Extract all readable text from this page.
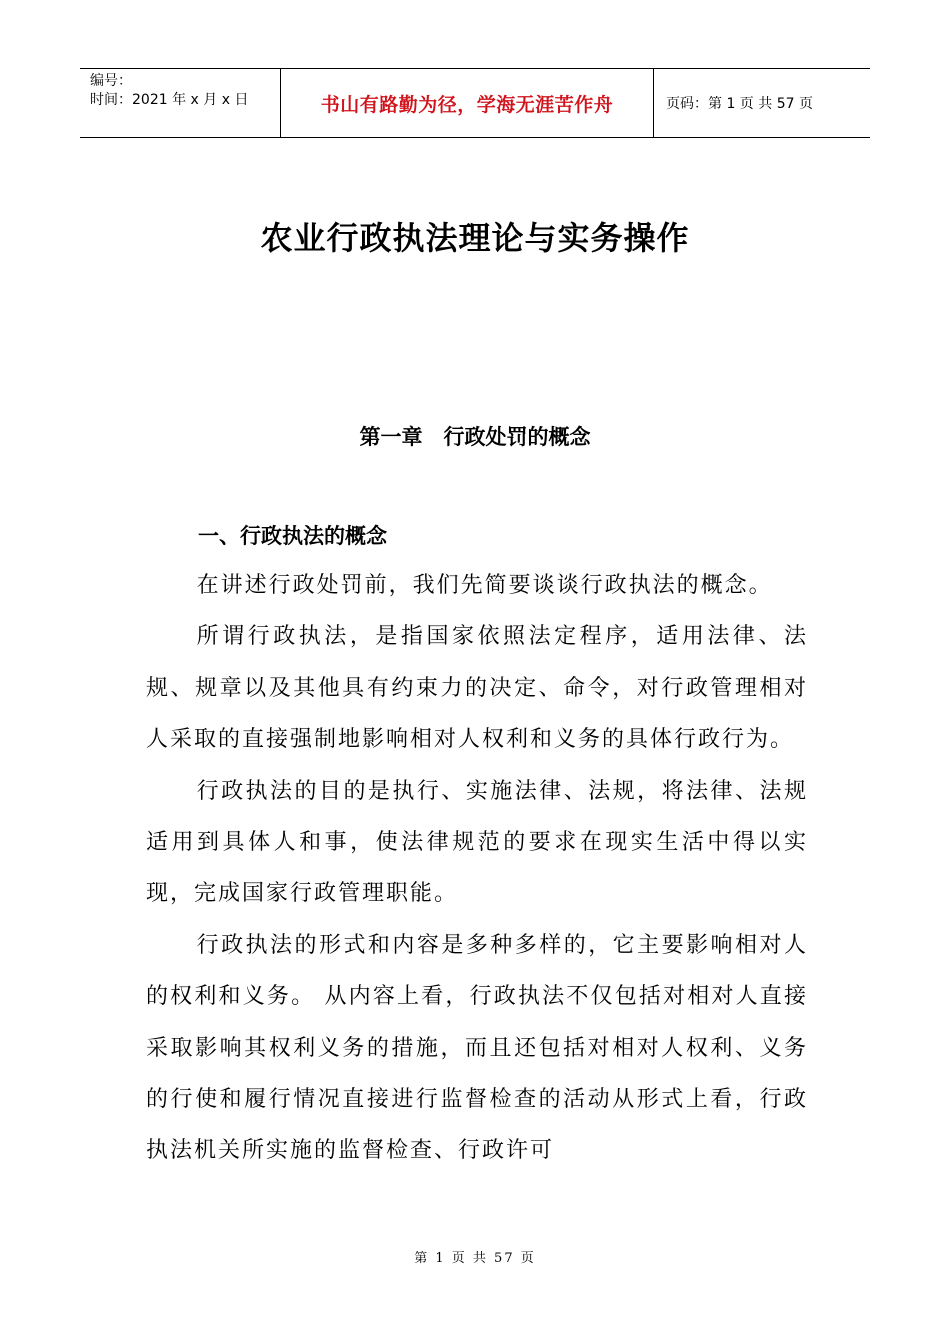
编号：
时间：2021 年 x 月 x 日	书山有路勤为径，学海无涯苦作舟	页码：第 1 页 共 57 页
农业行政执法理论与实务操作
第一章　行政处罚的概念
一、行政执法的概念

在讲述行政处罚前，我们先简要谈谈行政执法的概念。

所谓行政执法，是指国家依照法定程序，适用法律、法规、规章以及其他具有约束力的决定、命令，对行政管理相对人采取的直接强制地影响相对人权利和义务的具体行政行为。

行政执法的目的是执行、实施法律、法规，将法律、法规适用到具体人和事，使法律规范的要求在现实生活中得以实现，完成国家行政管理职能。

行政执法的形式和内容是多种多样的，它主要影响相对人的权利和义务。 从内容上看，行政执法不仅包括对相对人直接采取影响其权利义务的措施，而且还包括对相对人权利、义务的行使和履行情况直接进行监督检查的活动从形式上看，行政执法机关所实施的监督检查、行政许可

第 1 页 共 57 页
